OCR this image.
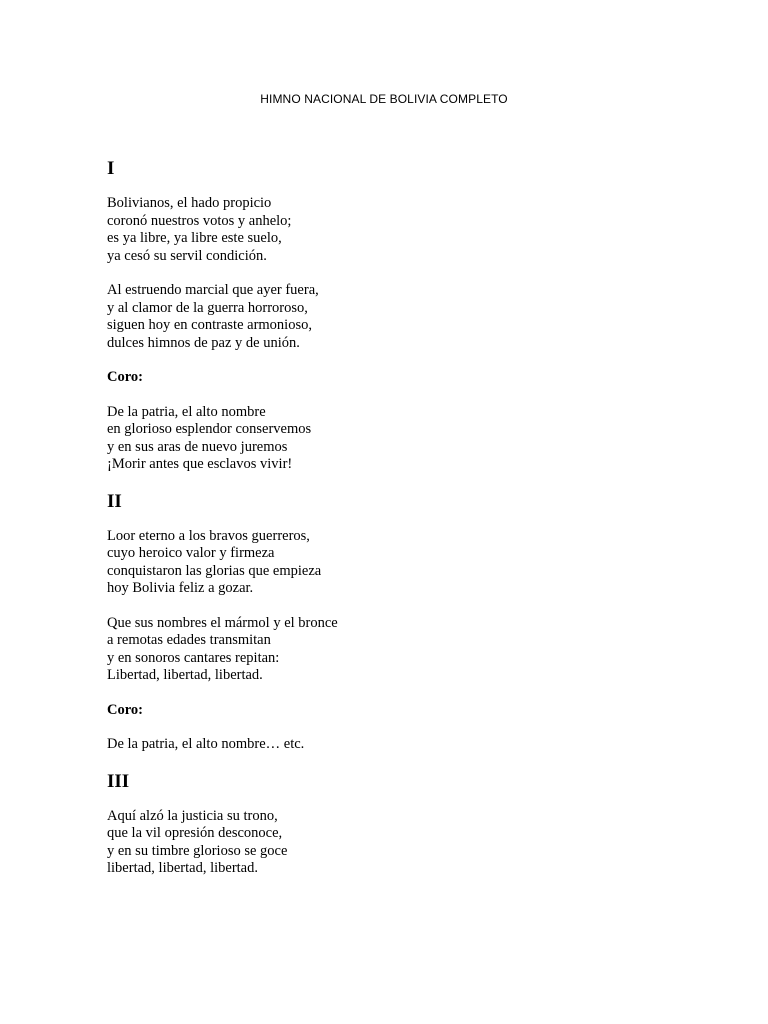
HIMNO NACIONAL DE BOLIVIA COMPLETO
I
Bolivianos, el hado propicio
coronó nuestros votos y anhelo;
es ya libre, ya libre este suelo,
ya cesó su servil condición.
Al estruendo marcial que ayer fuera,
y al clamor de la guerra horroroso,
siguen hoy en contraste armonioso,
dulces himnos de paz y de unión.
Coro:
De la patria, el alto nombre
en glorioso esplendor conservemos
y en sus aras de nuevo juremos
¡Morir antes que esclavos vivir!
II
Loor eterno a los bravos guerreros,
cuyo heroico valor y firmeza
conquistaron las glorias que empieza
hoy Bolivia feliz a gozar.
Que sus nombres el mármol y el bronce
a remotas edades transmitan
y en sonoros cantares repitan:
Libertad, libertad, libertad.
Coro:
De la patria, el alto nombre… etc.
III
Aquí alzó la justicia su trono,
que la vil opresión desconoce,
y en su timbre glorioso se goce
libertad, libertad, libertad.
